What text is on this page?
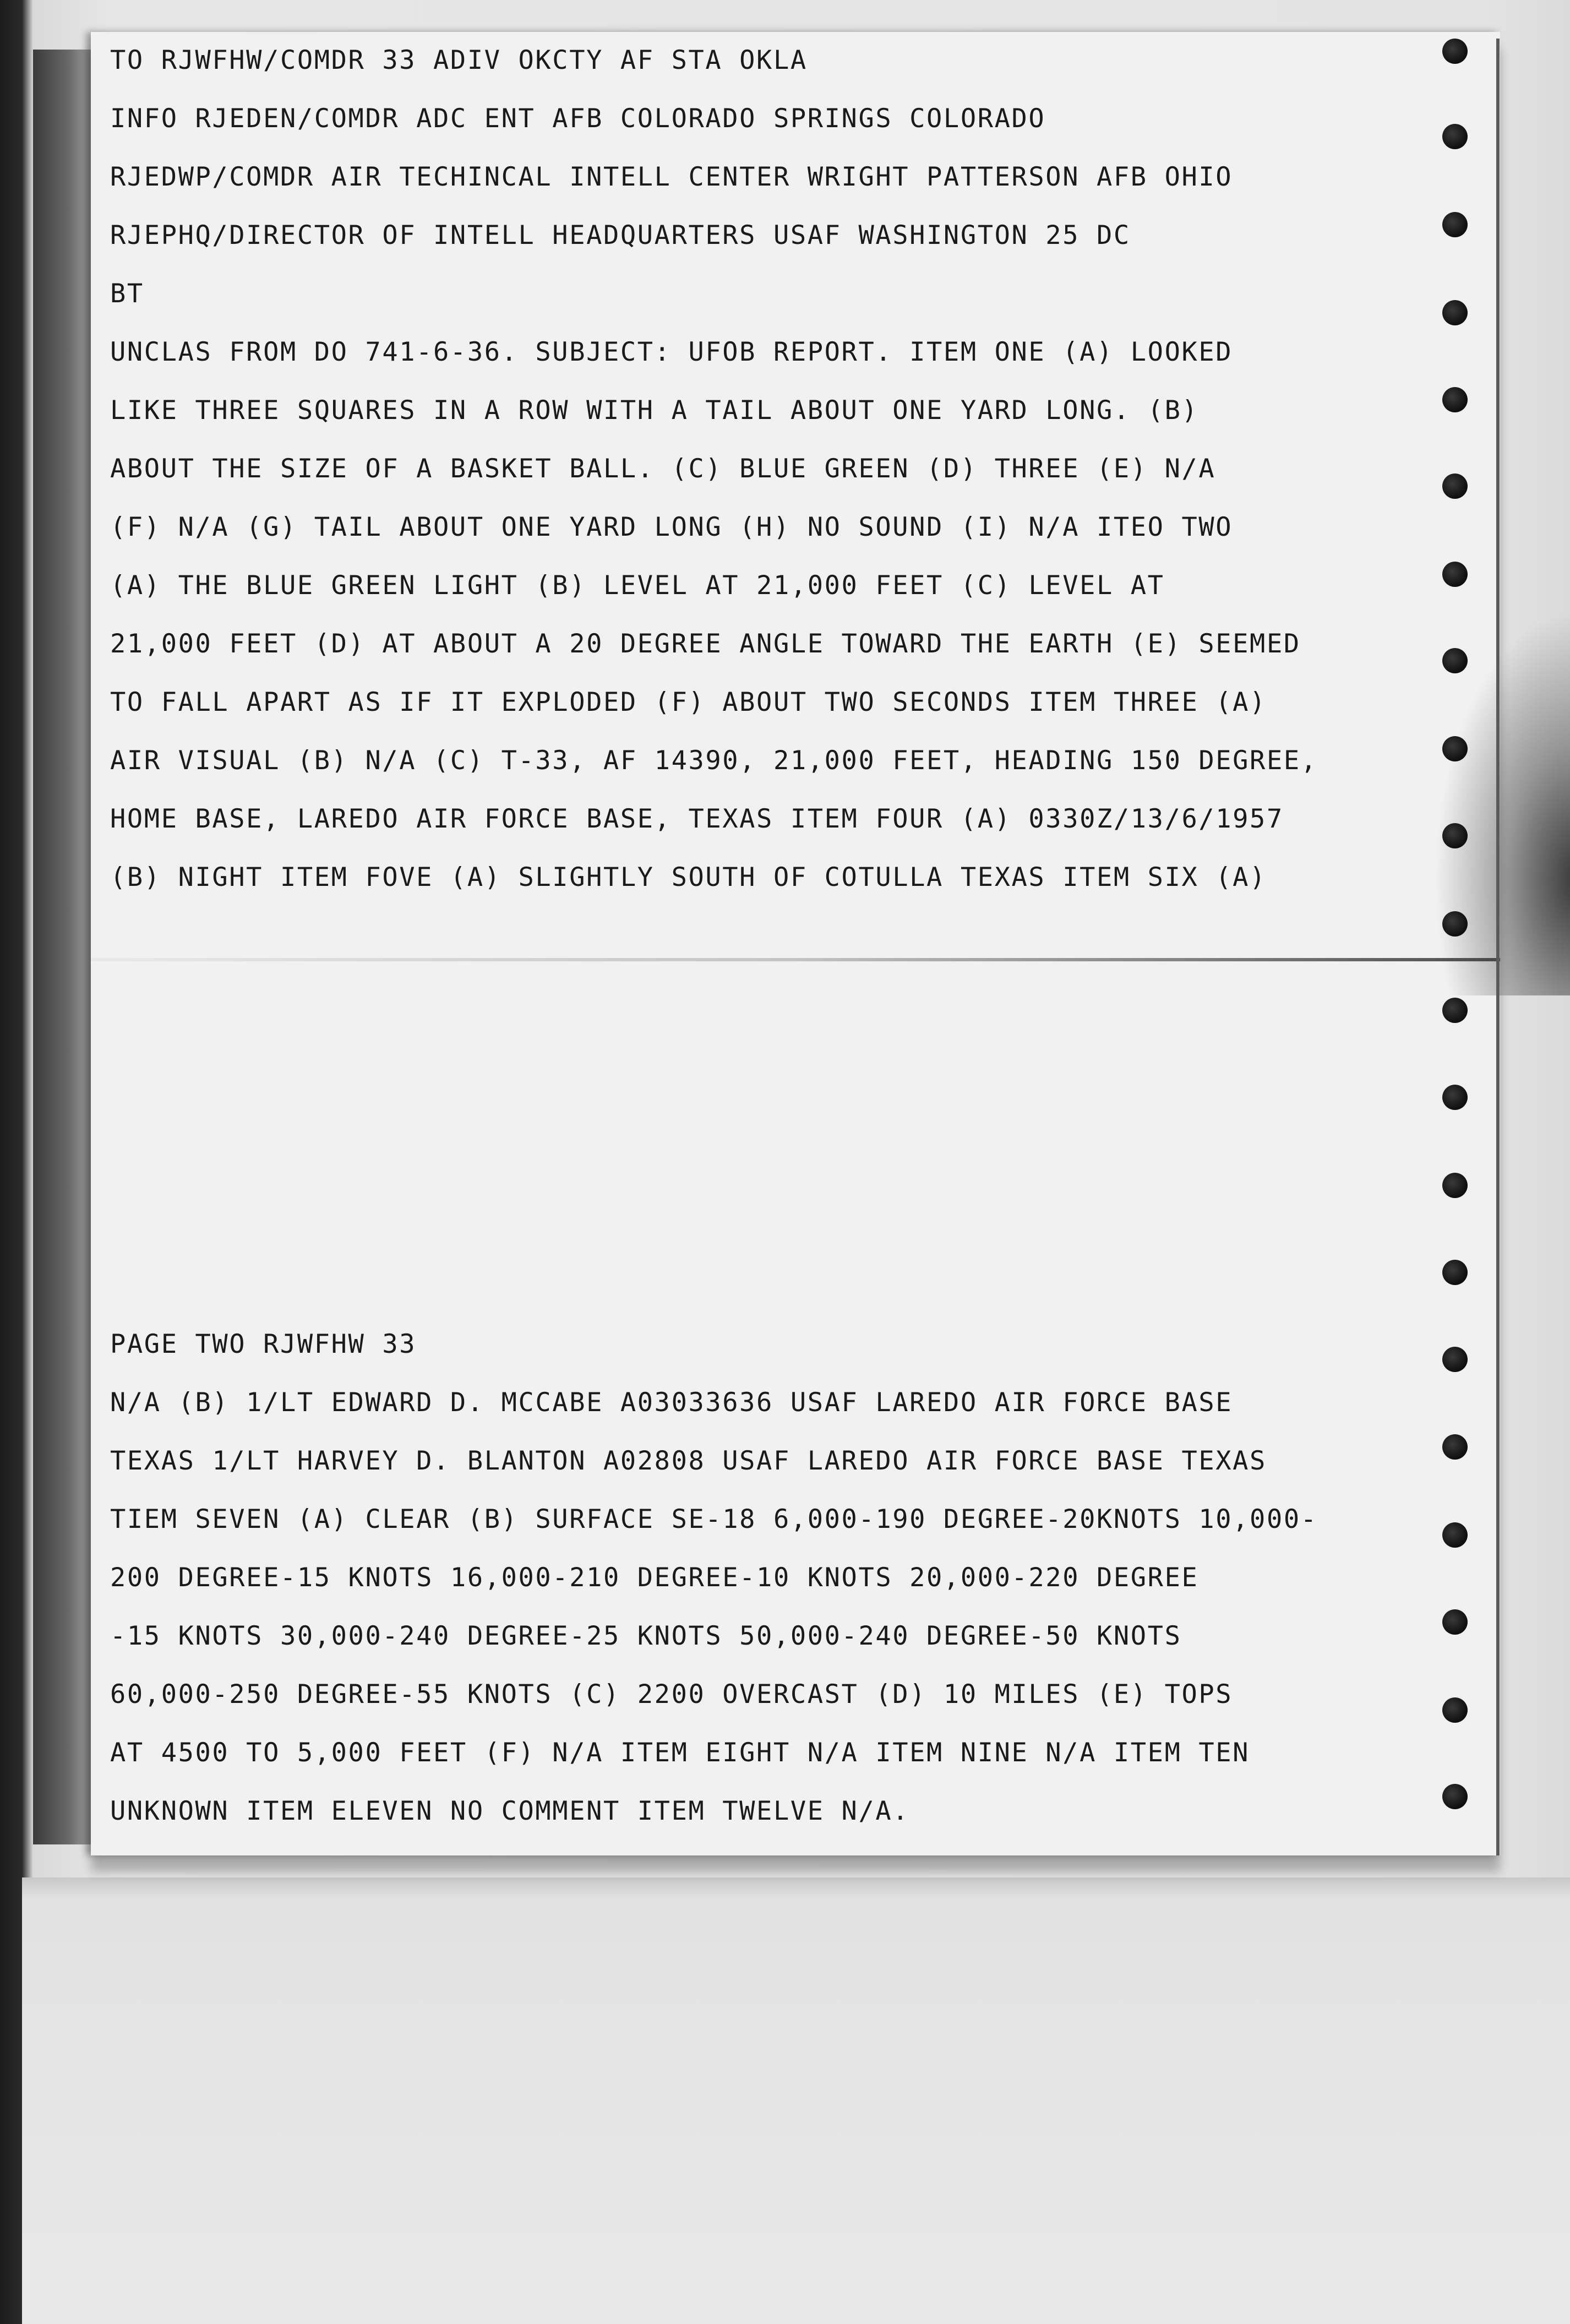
TO RJWFHW/COMDR 33 ADIV OKCTY AF STA OKLA

INFO RJEDEN/COMDR ADC ENT AFB COLORADO SPRINGS COLORADO

RJEDWP/COMDR AIR TECHINCAL INTELL CENTER WRIGHT PATTERSON AFB OHIO

RJEPHQ/DIRECTOR OF INTELL HEADQUARTERS USAF WASHINGTON 25 DC

BT

UNCLAS FROM DO 741-6-36. SUBJECT: UFOB REPORT. ITEM ONE (A) LOOKED

LIKE THREE SQUARES IN A ROW WITH A TAIL ABOUT ONE YARD LONG. (B)

ABOUT THE SIZE OF A BASKET BALL. (C) BLUE GREEN (D) THREE (E) N/A

(F) N/A (G) TAIL ABOUT ONE YARD LONG (H) NO SOUND (I) N/A ITEO TWO

(A) THE BLUE GREEN LIGHT (B) LEVEL AT 21,000 FEET (C) LEVEL AT

21,000 FEET (D) AT ABOUT A 20 DEGREE ANGLE TOWARD THE EARTH (E) SEEMED

TO FALL APART AS IF IT EXPLODED (F) ABOUT TWO SECONDS ITEM THREE (A)

AIR VISUAL (B) N/A (C) T-33, AF 14390, 21,000 FEET, HEADING 150 DEGREE,

HOME BASE, LAREDO AIR FORCE BASE, TEXAS ITEM FOUR (A) 0330Z/13/6/1957

(B) NIGHT ITEM FOVE (A) SLIGHTLY SOUTH OF COTULLA TEXAS ITEM SIX (A)

PAGE TWO RJWFHW 33

N/A (B) 1/LT EDWARD D. MCCABE A03033636 USAF LAREDO AIR FORCE BASE

TEXAS 1/LT HARVEY D. BLANTON A02808 USAF LAREDO AIR FORCE BASE TEXAS

TIEM SEVEN (A) CLEAR (B) SURFACE SE-18 6,000-190 DEGREE-20KNOTS 10,000-

200 DEGREE-15 KNOTS 16,000-210 DEGREE-10 KNOTS 20,000-220 DEGREE

-15 KNOTS 30,000-240 DEGREE-25 KNOTS 50,000-240 DEGREE-50 KNOTS

60,000-250 DEGREE-55 KNOTS (C) 2200 OVERCAST (D) 10 MILES (E) TOPS

AT 4500 TO 5,000 FEET (F) N/A ITEM EIGHT N/A ITEM NINE N/A ITEM TEN

UNKNOWN ITEM ELEVEN NO COMMENT ITEM TWELVE N/A.
